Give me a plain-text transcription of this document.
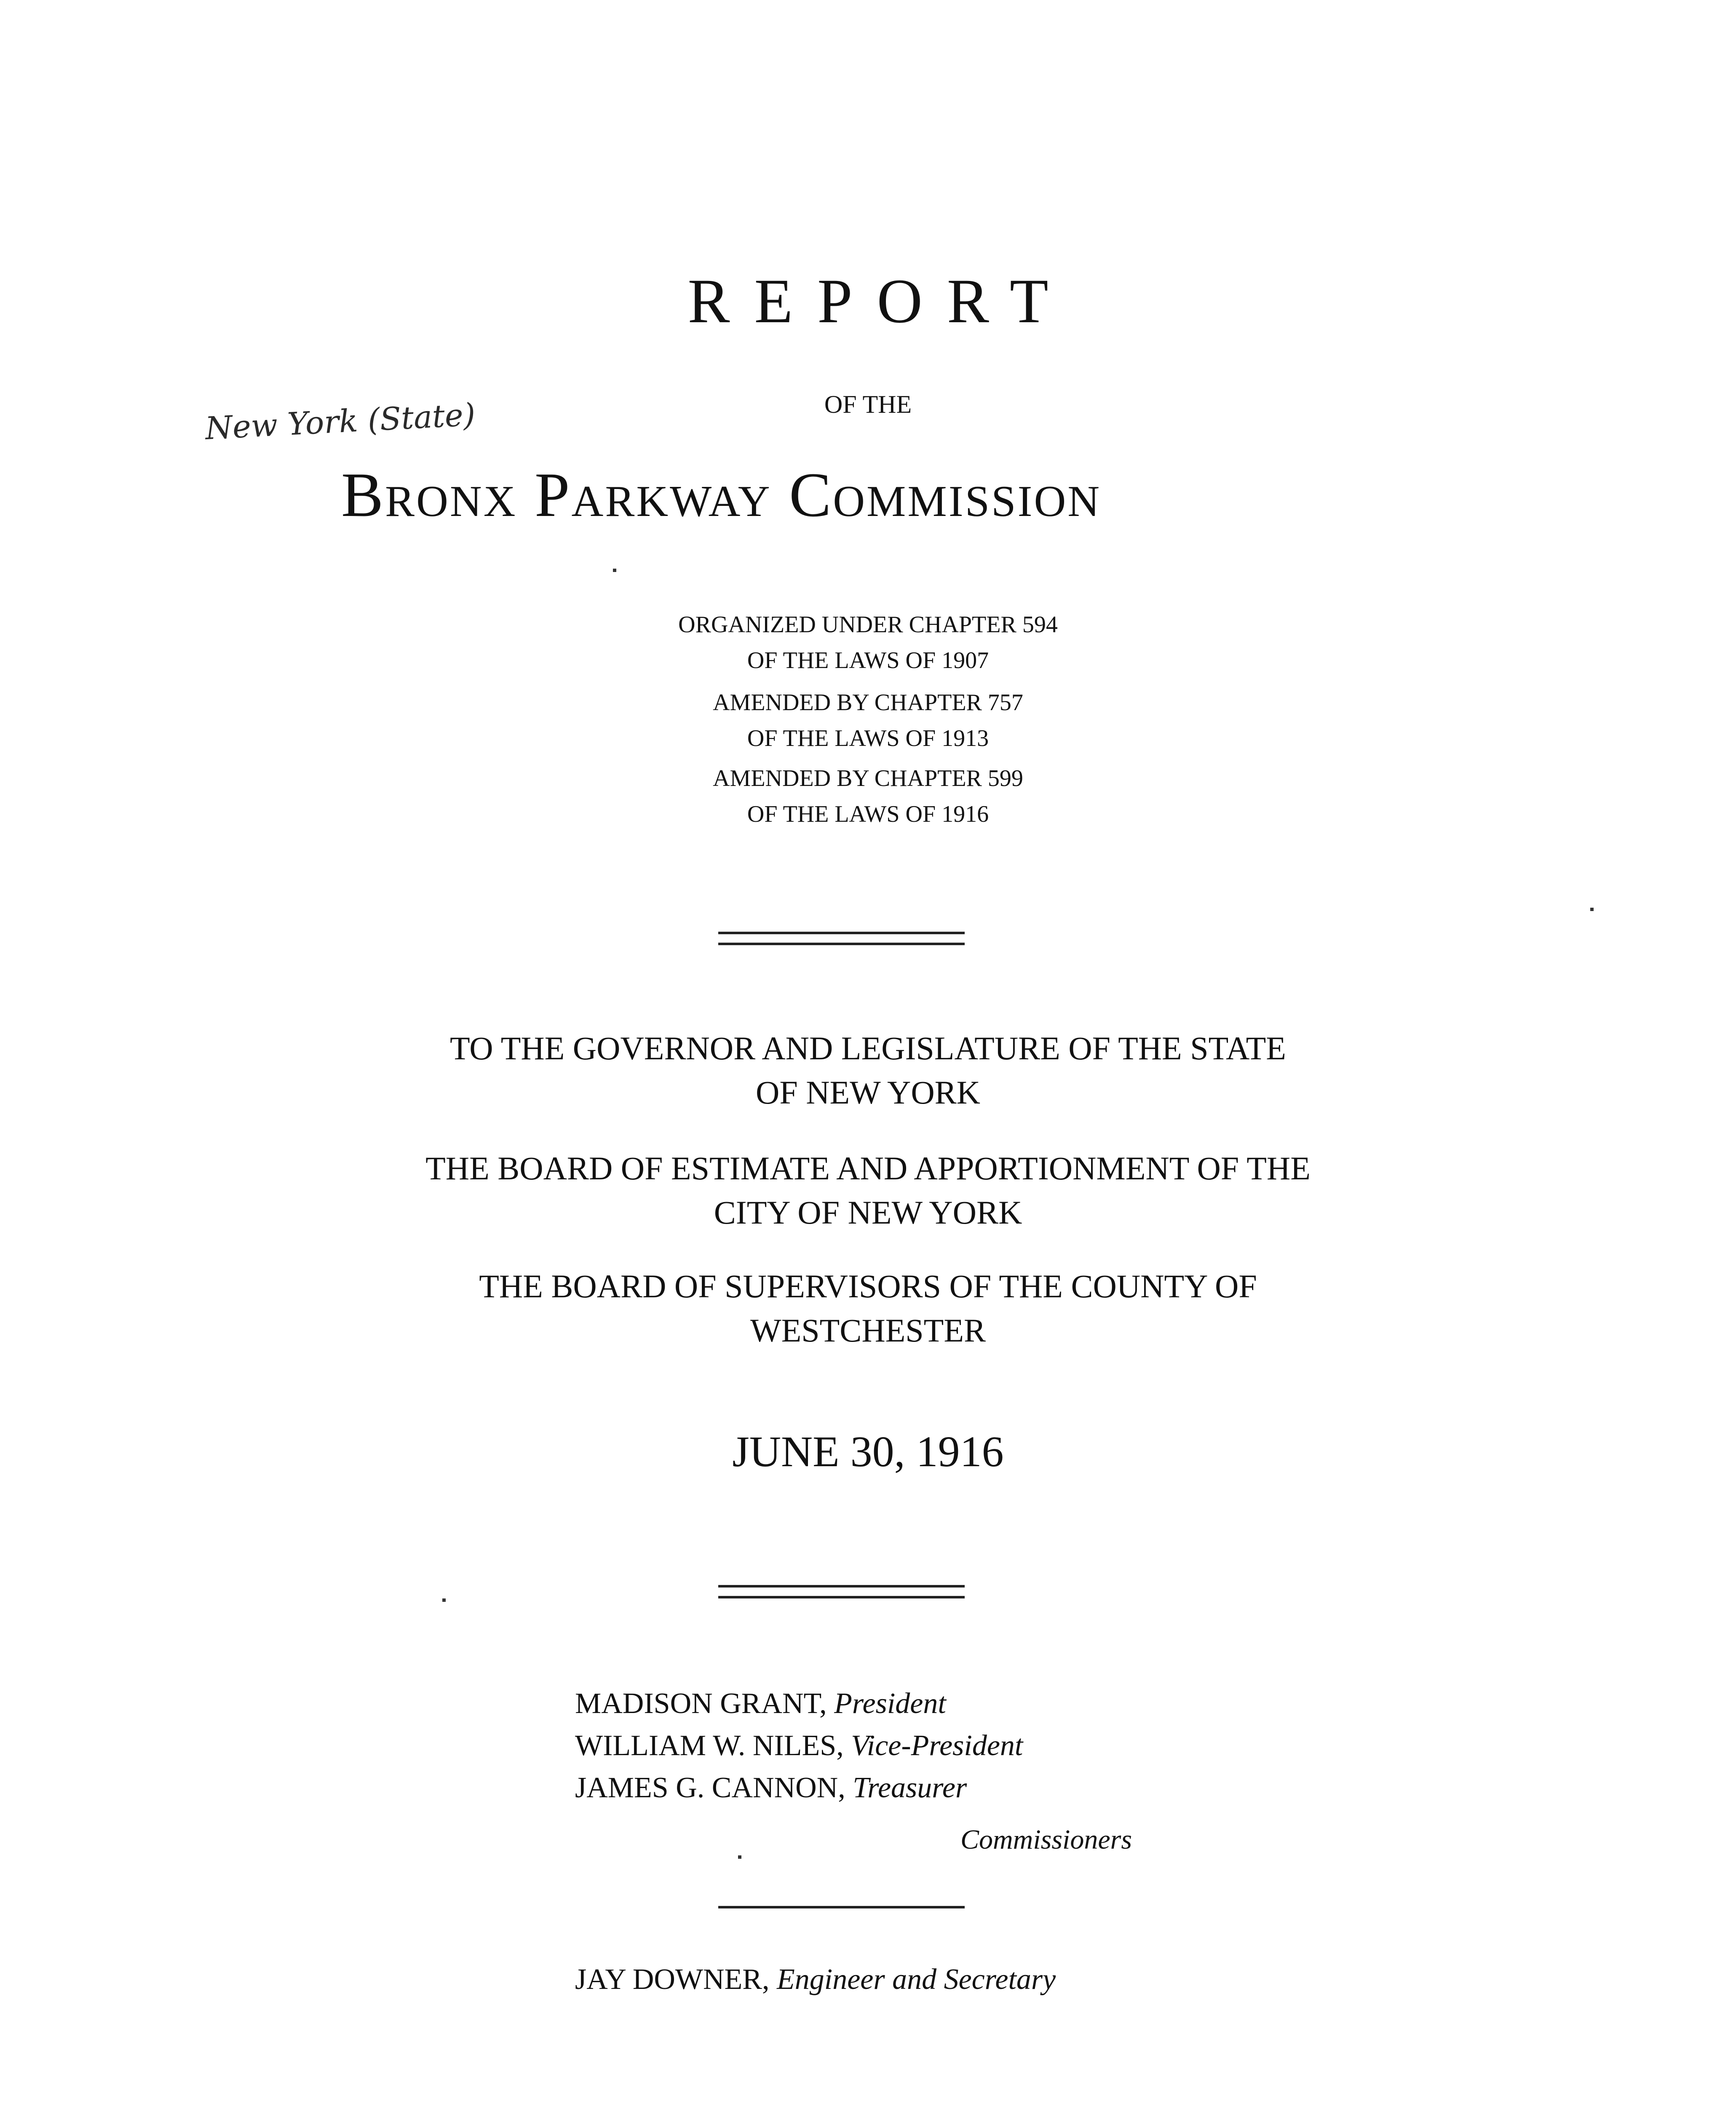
REPORT
OF THE
New York (State)
Bronx Parkway Commission
ORGANIZED UNDER CHAPTER 594
OF THE LAWS OF 1907
AMENDED BY CHAPTER 757
OF THE LAWS OF 1913
AMENDED BY CHAPTER 599
OF THE LAWS OF 1916
TO THE GOVERNOR AND LEGISLATURE OF THE STATE
OF NEW YORK
THE BOARD OF ESTIMATE AND APPORTIONMENT OF THE
CITY OF NEW YORK
THE BOARD OF SUPERVISORS OF THE COUNTY OF
WESTCHESTER
JUNE 30, 1916
MADISON GRANT, President
WILLIAM W. NILES, Vice-President
JAMES G. CANNON, Treasurer
Commissioners
JAY DOWNER, Engineer and Secretary
